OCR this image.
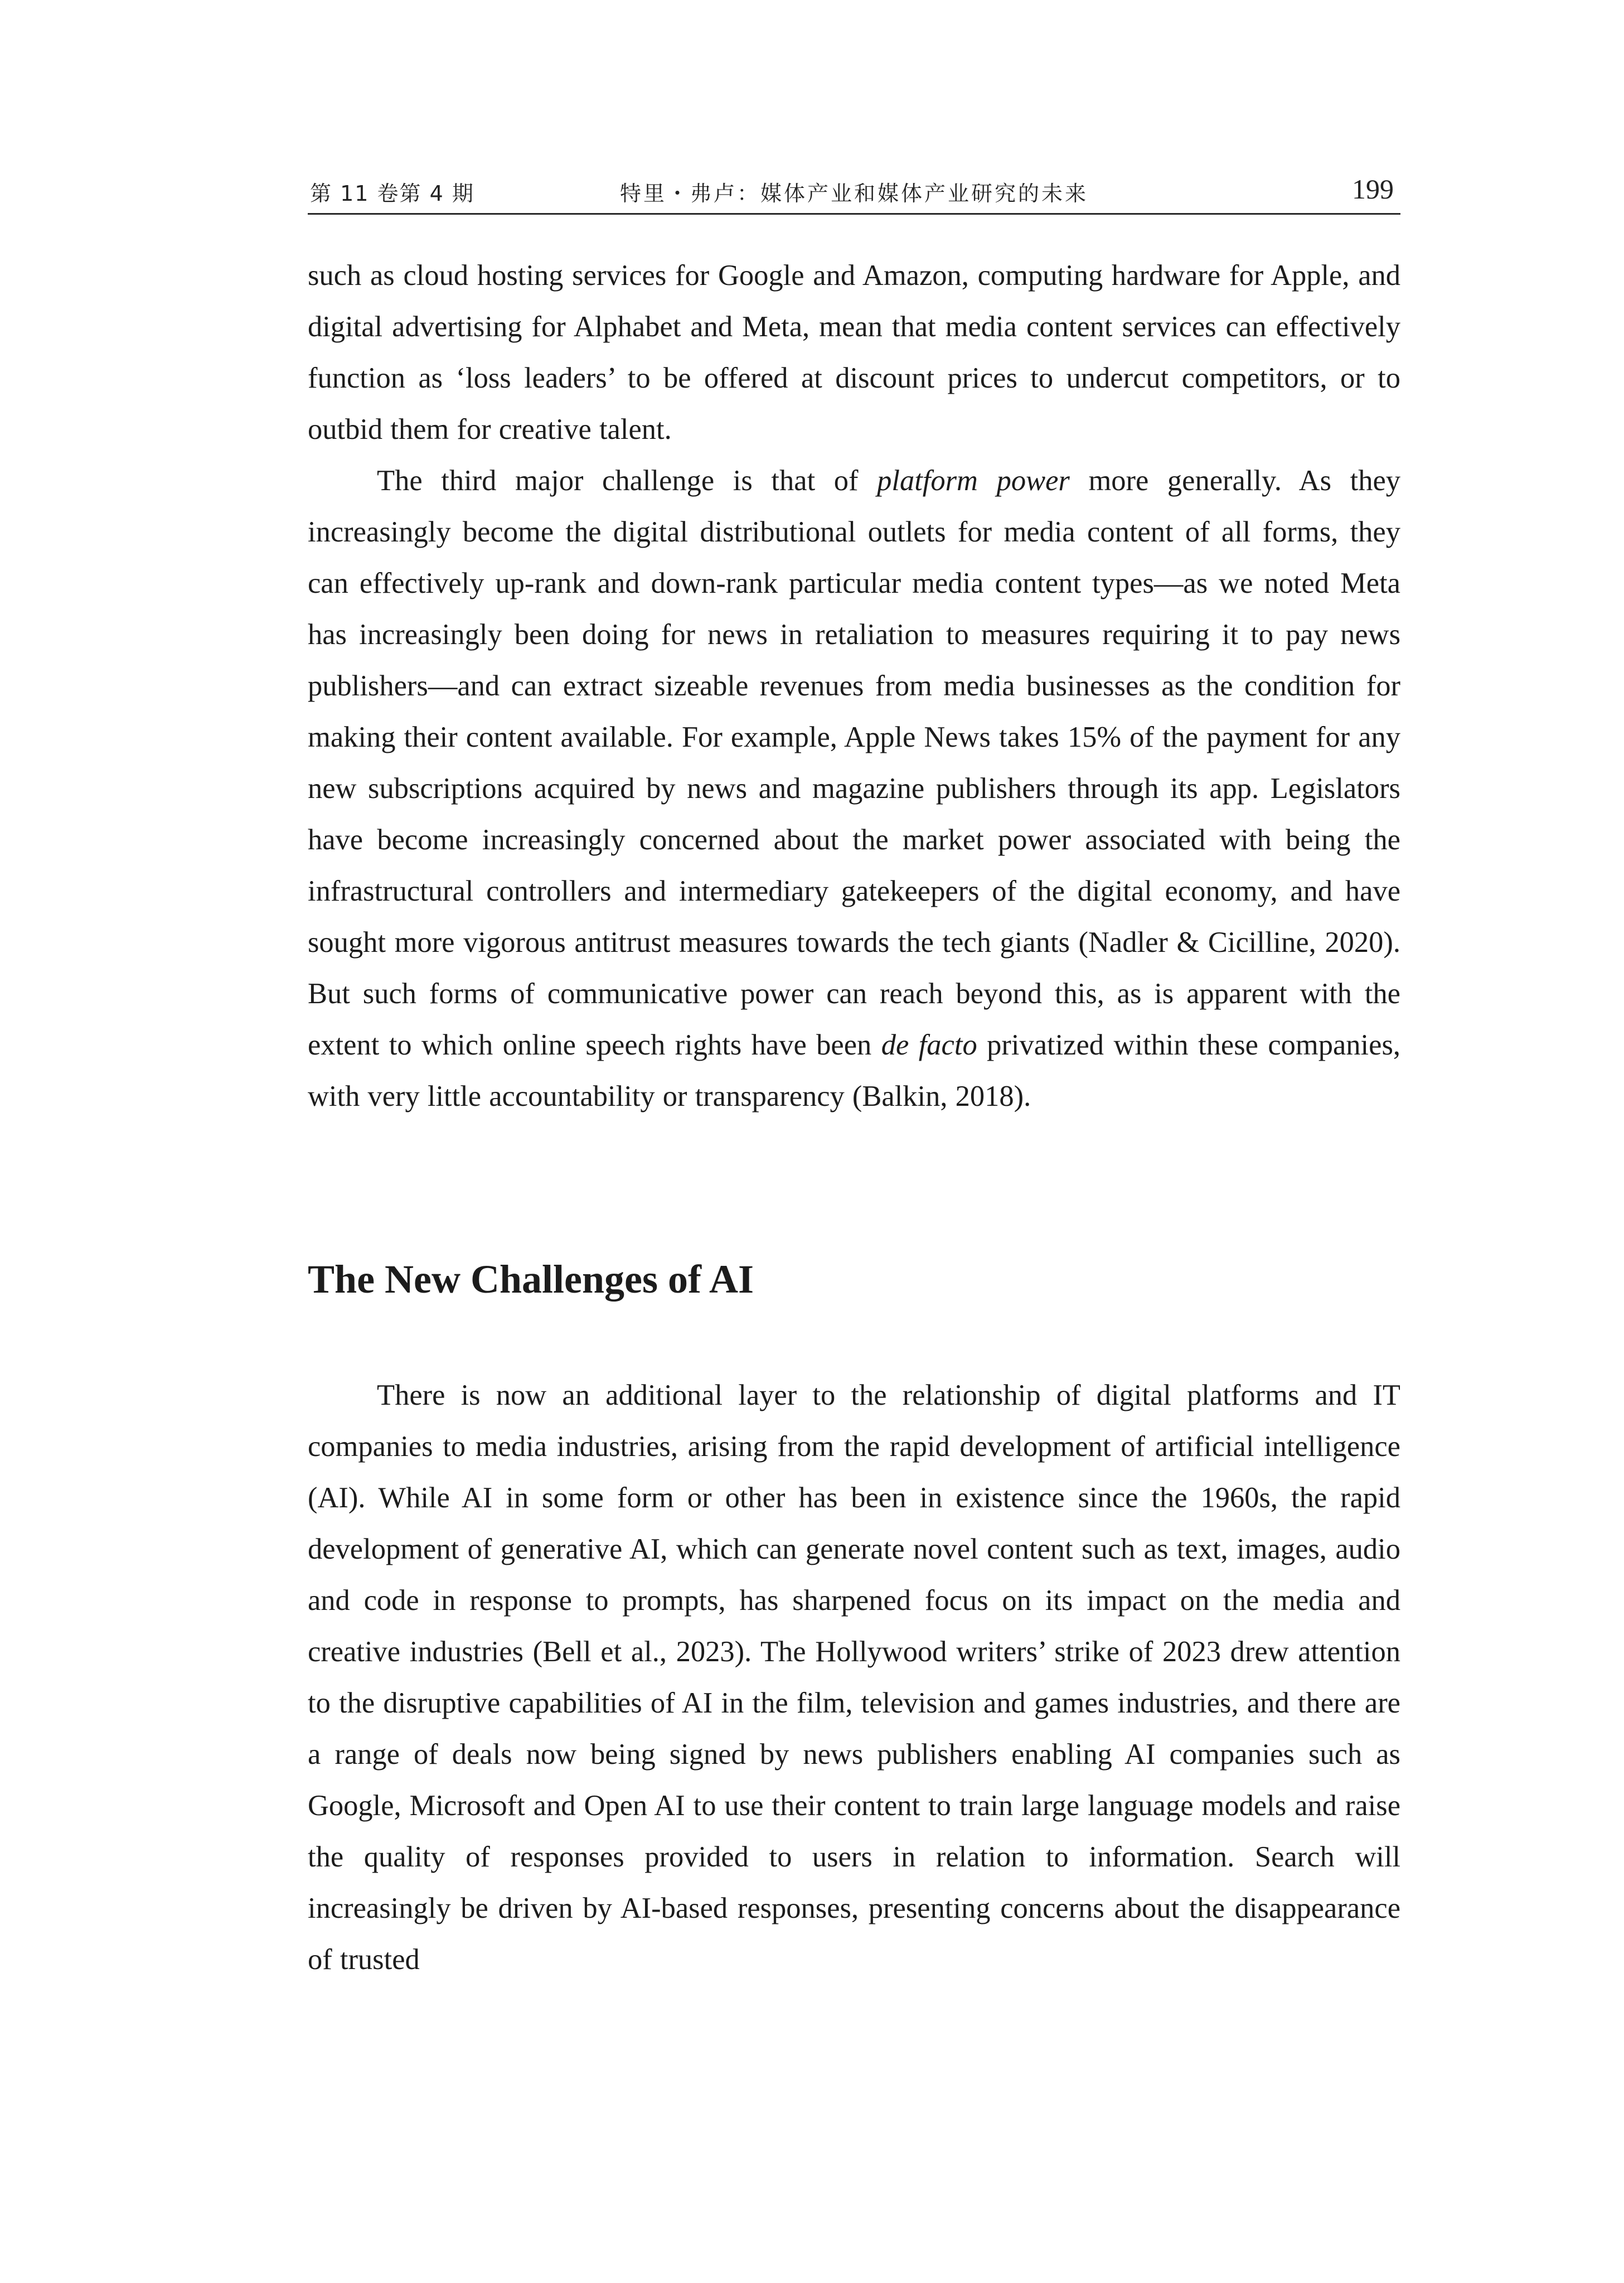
第 11 卷第 4 期	特里・弗卢：媒体产业和媒体产业研究的未来	199

such as cloud hosting services for Google and Amazon, computing hardware for Apple, and digital advertising for Alphabet and Meta, mean that media content services can effectively function as ‘loss leaders’ to be offered at discount prices to undercut competitors, or to outbid them for creative talent.

The third major challenge is that of platform power more generally. As they increasingly become the digital distributional outlets for media content of all forms, they can effectively up-rank and down-rank particular media content types—as we noted Meta has increasingly been doing for news in retaliation to measures requiring it to pay news publishers—and can extract sizeable revenues from media businesses as the condition for making their content available. For example, Apple News takes 15% of the payment for any new subscriptions acquired by news and magazine publishers through its app. Legislators have become increasingly concerned about the market power associated with being the infrastructural controllers and intermediary gatekeepers of the digital economy, and have sought more vigorous antitrust measures towards the tech giants (Nadler & Cicilline, 2020). But such forms of communicative power can reach beyond this, as is apparent with the extent to which online speech rights have been de facto privatized within these companies, with very little accountability or transparency (Balkin, 2018).

The New Challenges of AI

There is now an additional layer to the relationship of digital platforms and IT companies to media industries, arising from the rapid development of artificial intelligence (AI). While AI in some form or other has been in existence since the 1960s, the rapid development of generative AI, which can generate novel content such as text, images, audio and code in response to prompts, has sharpened focus on its impact on the media and creative industries (Bell et al., 2023). The Hollywood writers’ strike of 2023 drew attention to the disruptive capabilities of AI in the film, television and games industries, and there are a range of deals now being signed by news publishers enabling AI companies such as Google, Microsoft and Open AI to use their content to train large language models and raise the quality of responses provided to users in relation to information. Search will increasingly be driven by AI-based responses, presenting concerns about the disappearance of trusted
